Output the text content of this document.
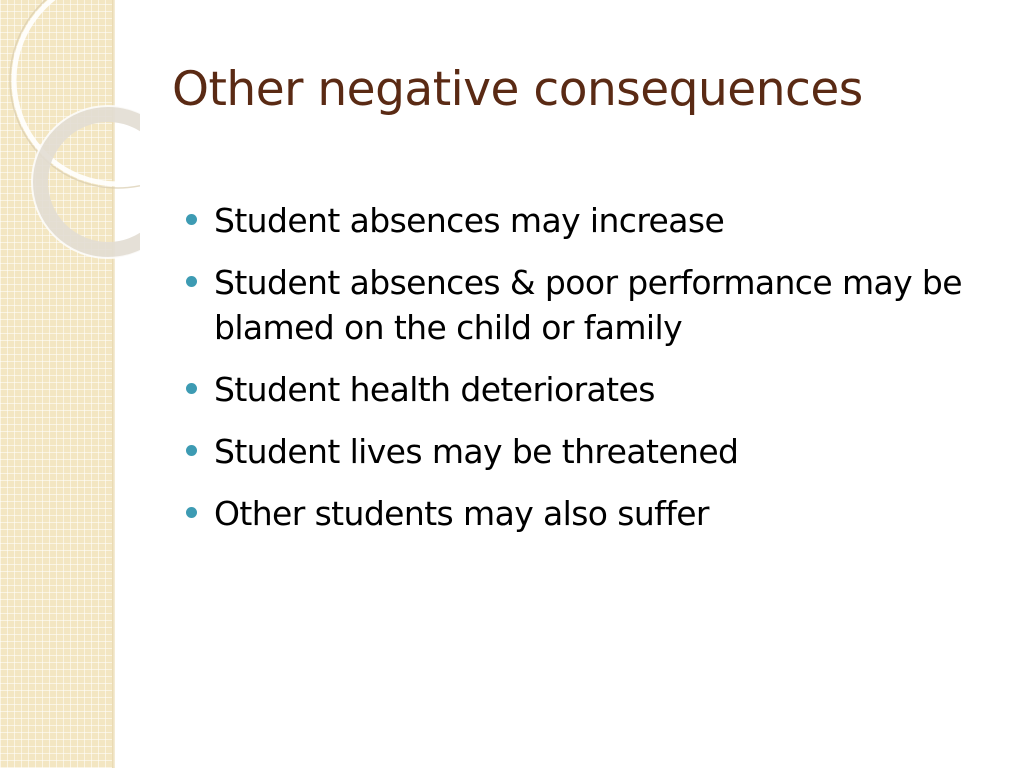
Other negative consequences
Student absences may increase
Student absences & poor performance may be blamed on the child or family
Student health deteriorates
Student lives may be threatened
Other students may also suffer
